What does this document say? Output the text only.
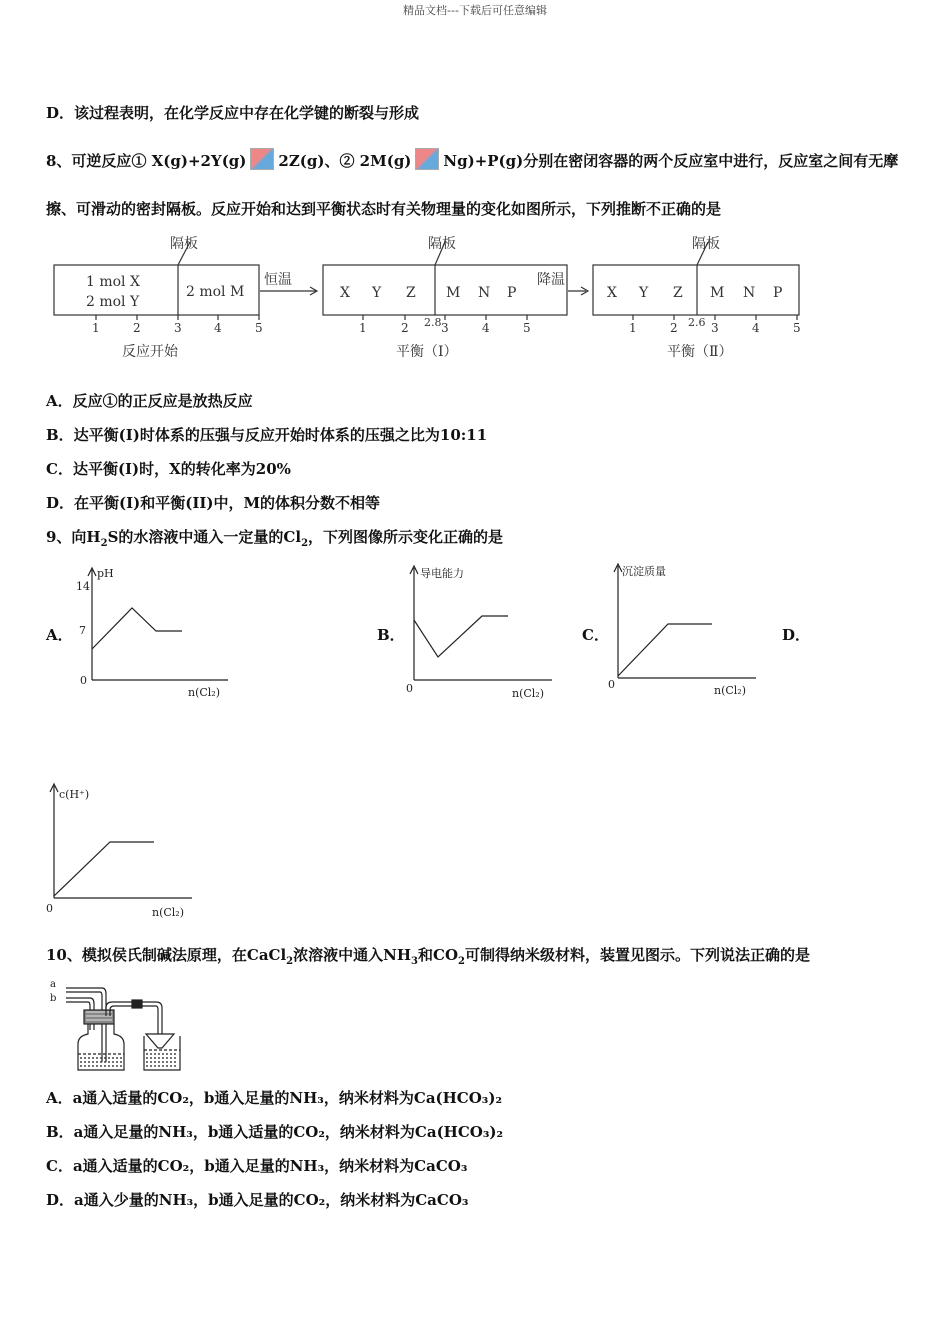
精品文档---下载后可任意编辑
D．该过程表明，在化学反应中存在化学键的断裂与形成
8、可逆反应① X(g)+2Y(g) 2Z(g)、② 2M(g) Ng)+P(g)分别在密闭容器的两个反应室中进行，反应室之间有无摩
擦、可滑动的密封隔板。反应开始和达到平衡状态时有关物理量的变化如图所示，下列推断不正确的是
隔板	隔板	隔板
1 mol X
2 mol Y
2 mol M
恒温	降温
X Y Z M N P	X Y Z M N P
1	2	3	4	5	1	2 2.8 3	4	5	1	2 2.6 3	4	5
反应开始	平衡（Ⅰ）	平衡（Ⅱ）
A．反应①的正反应是放热反应
B．达平衡(I)时体系的压强与反应开始时体系的压强之比为10:11
C．达平衡(I)时，X的转化率为20%
D．在平衡(I)和平衡(II)中，M的体积分数不相等
9、向$H_2S$的水溶液中通入一定量的$Cl_2$，下列图像所示变化正确的是
A．
pH
14
7
0
n(Cl₂)
B．
导电能力
0	n(Cl₂)
C．
沉淀质量
0	n(Cl₂)
D．
c(H⁺)
0	n(Cl₂)
10、模拟侯氏制碱法原理，在CaCl$_2$浓溶液中通入$NH_3$和$CO_2$可制得纳米级材料，装置见图示。下列说法正确的是
a
b
A．a通入适量的CO₂，b通入足量的NH₃，纳米材料为Ca(HCO₃)₂
B．a通入足量的NH₃，b通入适量的CO₂，纳米材料为Ca(HCO₃)₂
C．a通入适量的CO₂，b通入足量的NH₃，纳米材料为CaCO₃
D．a通入少量的NH₃，b通入足量的CO₂，纳米材料为CaCO₃
